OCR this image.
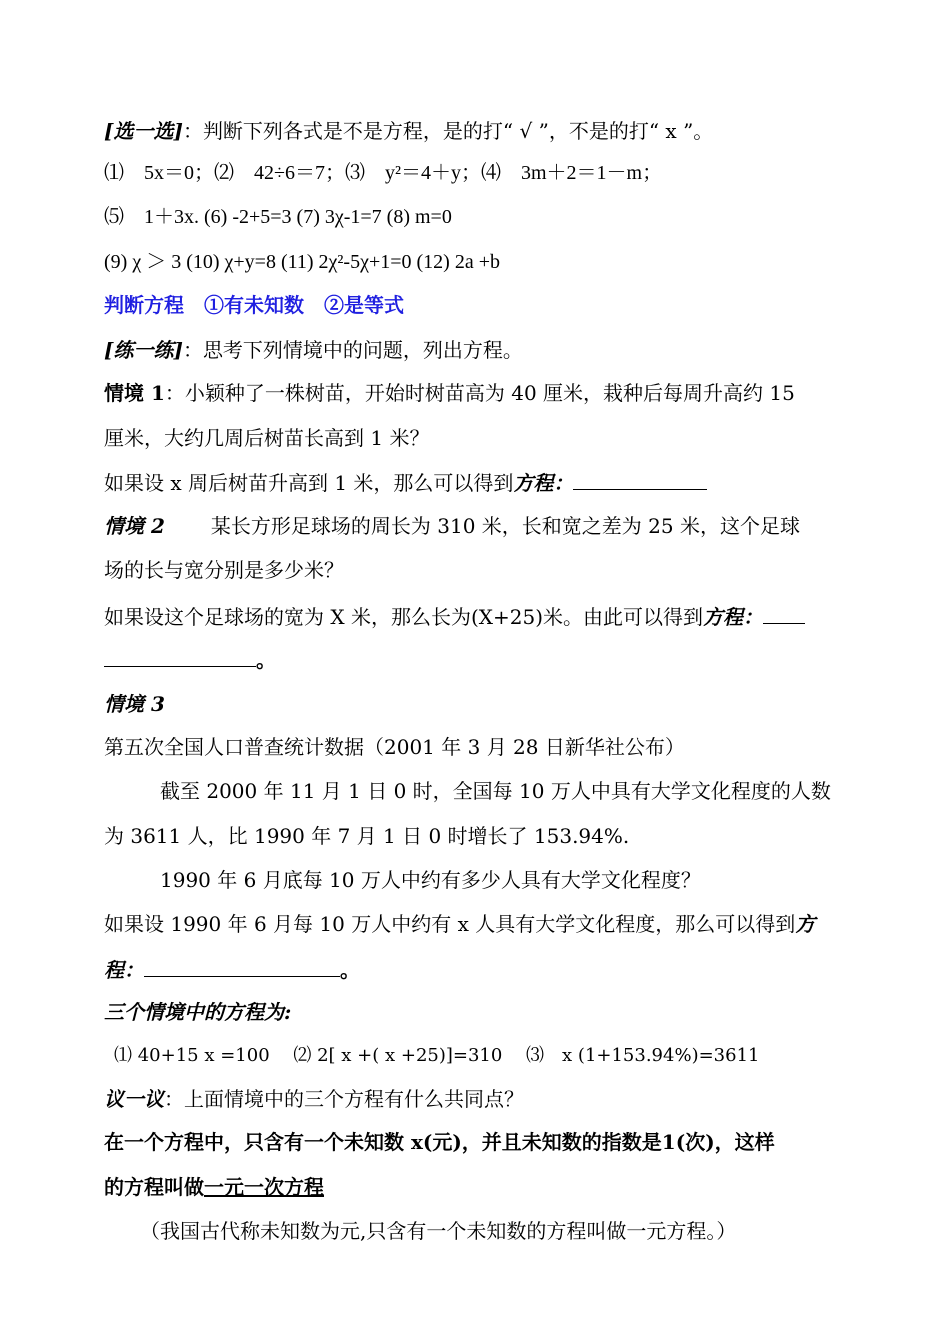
[选一选]：判断下列各式是不是方程，是的打“ √ ”，不是的打“ x ”。
⑴　5x＝0；⑵　42÷6＝7；⑶　y²＝4＋y；⑷　3m＋2＝1－m；
⑸　1＋3x. (6) -2+5=3 (7) 3χ-1=7 (8) m=0
(9) χ ＞ 3 (10) χ+y=8 (11) 2χ²-5χ+1=0 (12) 2a +b
判断方程　①有未知数　②是等式
[练一练]：思考下列情境中的问题，列出方程。
情境 1：小颖种了一株树苗，开始时树苗高为 40 厘米，栽种后每周升高约 15
厘米，大约几周后树苗长高到 1 米？
如果设 x 周后树苗升高到 1 米，那么可以得到方程：
情境 2 某长方形足球场的周长为 310 米，长和宽之差为 25 米，这个足球
场的长与宽分别是多少米？
如果设这个足球场的宽为 X 米，那么长为(X+25)米。由此可以得到方程：
。
情境 3
第五次全国人口普查统计数据（2001 年 3 月 28 日新华社公布）
截至 2000 年 11 月 1 日 0 时，全国每 10 万人中具有大学文化程度的人数
为 3611 人，比 1990 年 7 月 1 日 0 时增长了 153.94%.
1990 年 6 月底每 10 万人中约有多少人具有大学文化程度？
如果设 1990 年 6 月每 10 万人中约有 x 人具有大学文化程度，那么可以得到方
程：	。
三个情境中的方程为:
⑴ 40+15 x =100　 ⑵ 2[ x +( x +25)]=310　 ⑶　x (1+153.94%)=3611
议一议：上面情境中的三个方程有什么共同点？
在一个方程中，只含有一个未知数 x(元)，并且未知数的指数是1(次)，这样
的方程叫做一元一次方程
（我国古代称未知数为元,只含有一个未知数的方程叫做一元方程。）
